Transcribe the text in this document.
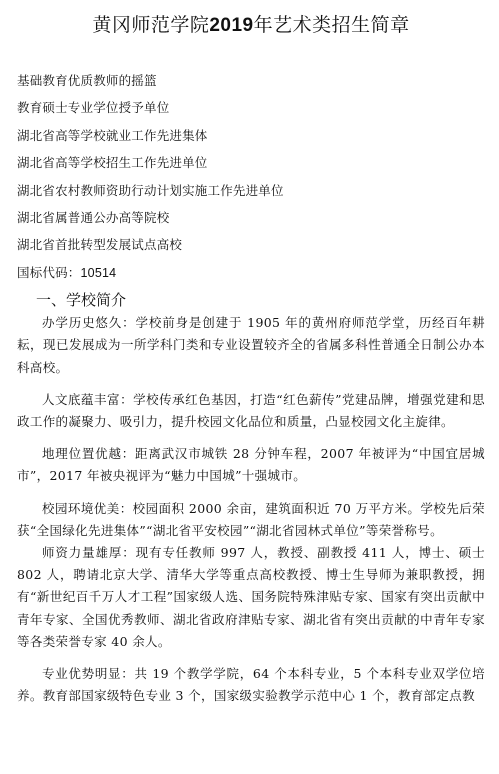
黄冈师范学院2019年艺术类招生简章
基础教育优质教师的摇篮
教育硕士专业学位授予单位
湖北省高等学校就业工作先进集体
湖北省高等学校招生工作先进单位
湖北省农村教师资助行动计划实施工作先进单位
湖北省属普通公办高等院校
湖北省首批转型发展试点高校
国标代码：10514
一、学校简介

办学历史悠久：学校前身是创建于 1905 年的黄州府师范学堂，历经百年耕耘，现已发展成为一所学科门类和专业设置较齐全的省属多科性普通全日制公办本科高校。

人文底蕴丰富：学校传承红色基因，打造“红色薪传”党建品牌，增强党建和思政工作的凝聚力、吸引力，提升校园文化品位和质量，凸显校园文化主旋律。

地理位置优越：距离武汉市城铁 28 分钟车程，2007 年被评为“中国宜居城市”，2017 年被央视评为“魅力中国城”十强城市。

校园环境优美：校园面积 2000 余亩，建筑面积近 70 万平方米。学校先后荣获“全国绿化先进集体”“湖北省平安校园”“湖北省园林式单位”等荣誉称号。

师资力量雄厚：现有专任教师 997 人，教授、副教授 411 人，博士、硕士 802 人，聘请北京大学、清华大学等重点高校教授、博士生导师为兼职教授，拥有“新世纪百千万人才工程”国家级人选、国务院特殊津贴专家、国家有突出贡献中青年专家、全国优秀教师、湖北省政府津贴专家、湖北省有突出贡献的中青年专家等各类荣誉专家 40 余人。

专业优势明显：共 19 个教学学院，64 个本科专业，5 个本科专业双学位培养。教育部国家级特色专业 3 个，国家级实验教学示范中心 1 个，教育部定点教
